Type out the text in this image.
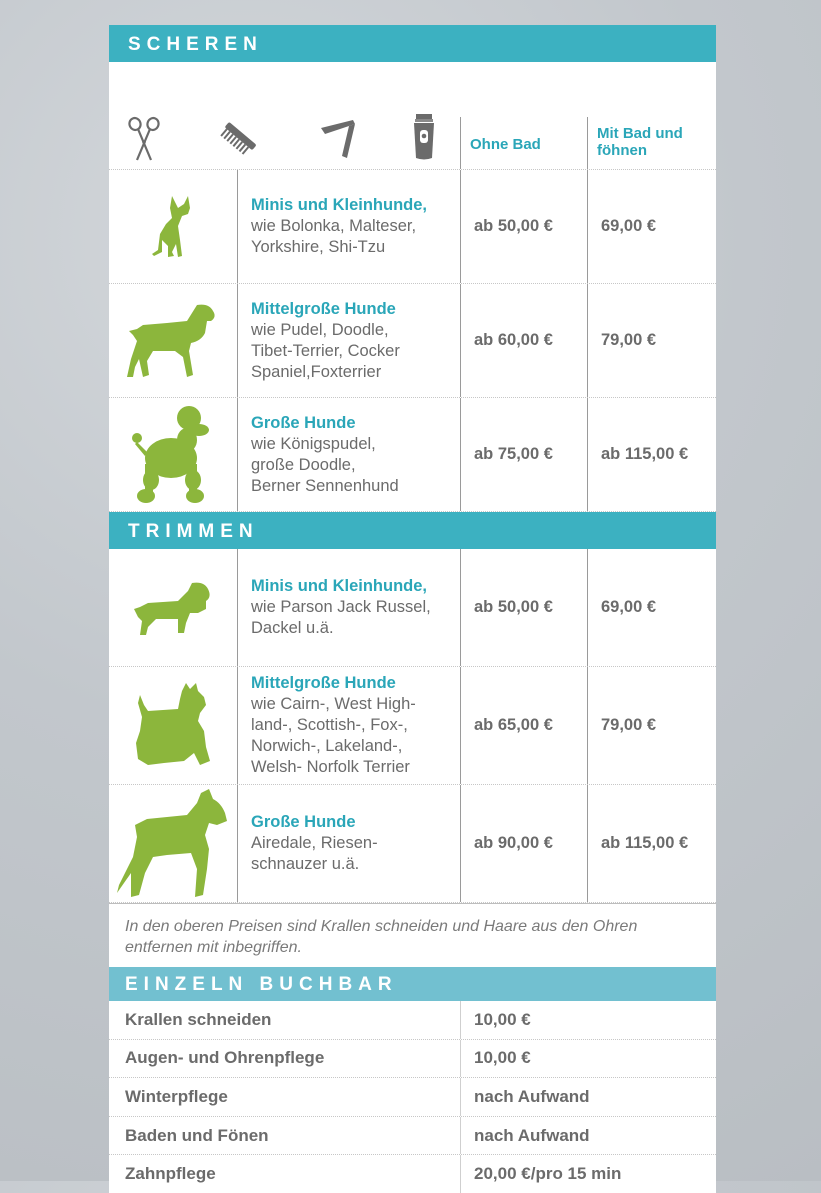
SCHEREN
Ohne Bad
Mit Bad und
föhnen
Minis und Kleinhunde,
wie Bolonka, Malteser,
Yorkshire, Shi-Tzu
ab 50,00 €	69,00 €
Mittelgroße Hunde
wie Pudel, Doodle,
Tibet-Terrier, Cocker
Spaniel,Foxterrier
ab 60,00 €	79,00 €
Große Hunde
wie Königspudel,
große Doodle,
Berner Sennenhund
ab 75,00 €	ab 115,00 €
TRIMMEN
Minis und Kleinhunde,
wie Parson Jack Russel,
Dackel u.ä.
ab 50,00 €	69,00 €
Mittelgroße Hunde
wie Cairn-, West High-
land-, Scottish-, Fox-,
Norwich-, Lakeland-,
Welsh- Norfolk Terrier
ab 65,00 €	79,00 €
Große Hunde
Airedale, Riesen-
schnauzer u.ä.
ab 90,00 €	ab 115,00 €
In den oberen Preisen sind Krallen schneiden und Haare aus den Ohren
entfernen mit inbegriffen.
EINZELN BUCHBAR
Krallen schneiden	10,00 €
Augen- und Ohrenpflege	10,00 €
Winterpflege	nach Aufwand
Baden und Fönen	nach Aufwand
Zahnpflege	20,00 €/pro 15 min
